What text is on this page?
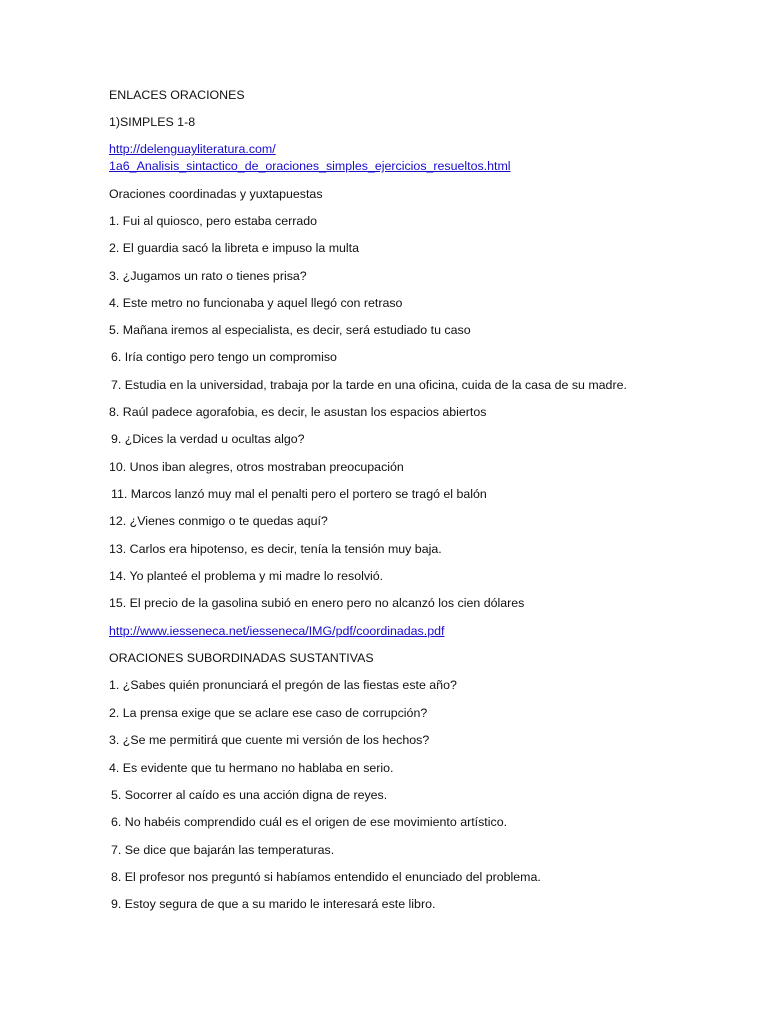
ENLACES ORACIONES
1)SIMPLES 1-8
http://delenguayliteratura.com/
1a6_Analisis_sintactico_de_oraciones_simples_ejercicios_resueltos.html
Oraciones coordinadas y yuxtapuestas
1. Fui al quiosco, pero estaba cerrado
2. El guardia sacó la libreta e impuso la multa
3. ¿Jugamos un rato o tienes prisa?
4. Este metro no funcionaba y aquel llegó con retraso
5. Mañana iremos al especialista, es decir, será estudiado tu caso
6. Iría contigo pero tengo un compromiso
7. Estudia en la universidad, trabaja por la tarde en una oficina, cuida de la casa de su madre.
8. Raúl padece agorafobia, es decir, le asustan los espacios abiertos
9. ¿Dices la verdad u ocultas algo?
10. Unos iban alegres, otros mostraban preocupación
11. Marcos lanzó muy mal el penalti pero el portero se tragó el balón
12. ¿Vienes conmigo o te quedas aquí?
13. Carlos era hipotenso, es decir, tenía la tensión muy baja.
14. Yo planteé el problema y mi madre lo resolvió.
15. El precio de la gasolina subió en enero pero no alcanzó los cien dólares
http://www.iesseneca.net/iesseneca/IMG/pdf/coordinadas.pdf
ORACIONES SUBORDINADAS SUSTANTIVAS
1. ¿Sabes quién pronunciará el pregón de las fiestas este año?
2. La prensa exige que se aclare ese caso de corrupción?
3. ¿Se me permitirá que cuente mi versión de los hechos?
4. Es evidente que tu hermano no hablaba en serio.
5. Socorrer al caído es una acción digna de reyes.
6. No habéis comprendido cuál es el origen de ese movimiento artístico.
7. Se dice que bajarán las temperaturas.
8. El profesor nos preguntó si habíamos entendido el enunciado del problema.
9. Estoy segura de que a su marido le interesará este libro.
